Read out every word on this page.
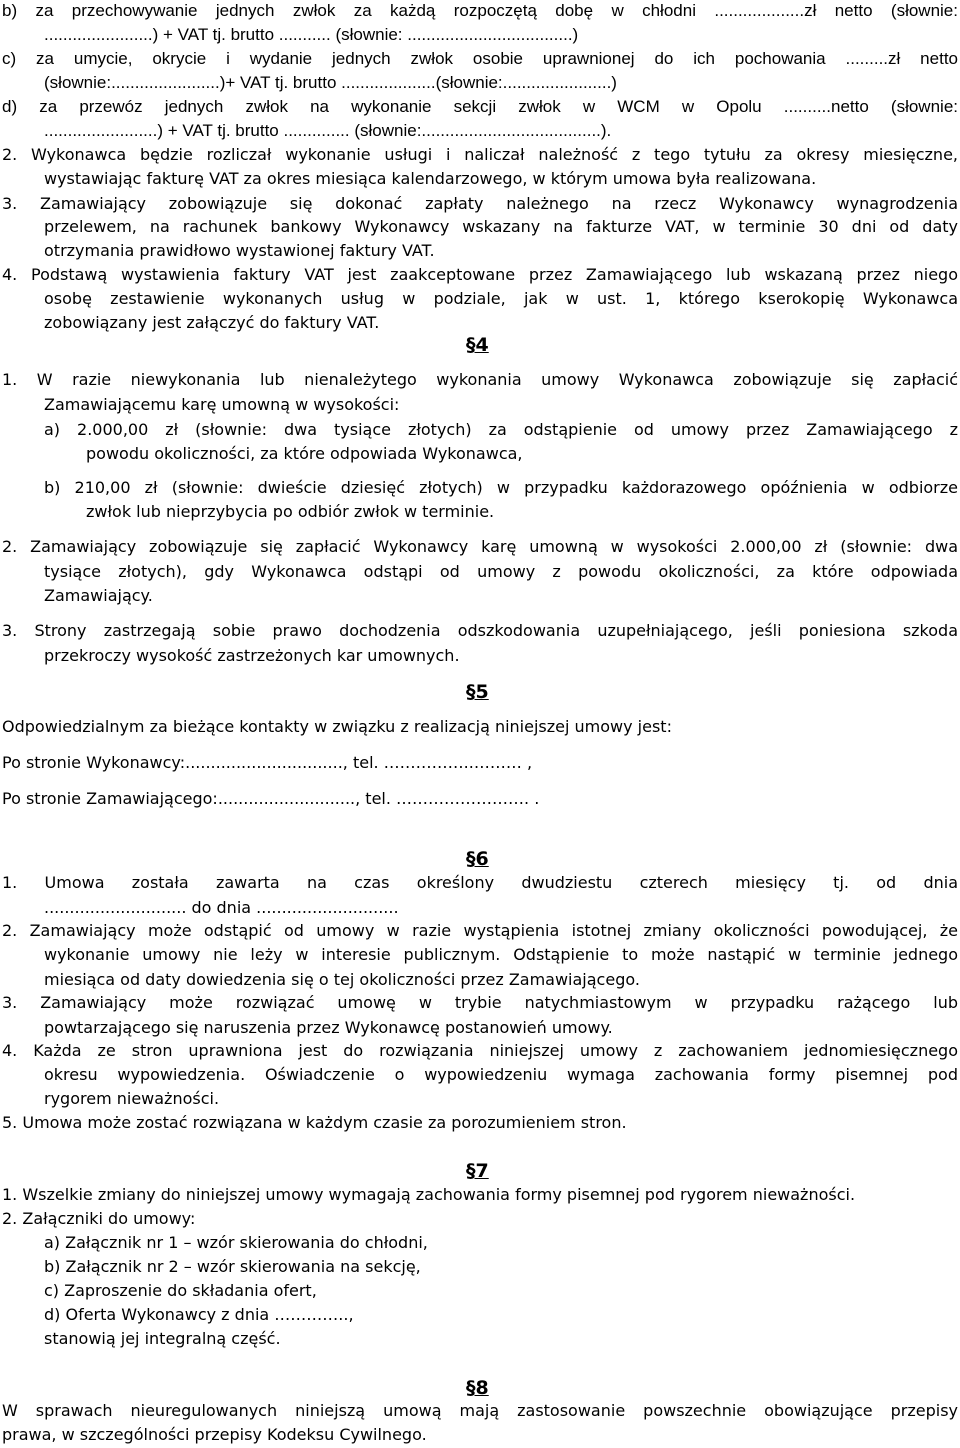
b) za przechowywanie jednych zwłok za każdą rozpoczętą dobę w chłodni ...................zł netto (słownie:
.......................) + VAT tj. brutto ........... (słownie: ...................................)
c) za umycie, okrycie i wydanie jednych zwłok osobie uprawnionej do ich pochowania .........zł netto
(słownie:.......................)+ VAT tj. brutto ....................(słownie:.......................)
d) za przewóz jednych zwłok na wykonanie sekcji zwłok w WCM w Opolu ..........netto (słownie:
........................) + VAT tj. brutto .............. (słownie:......................................).
2. Wykonawca będzie rozliczał wykonanie usługi i naliczał należność z tego tytułu za okresy miesięczne,
wystawiając fakturę VAT za okres miesiąca kalendarzowego, w którym umowa była realizowana.
3. Zamawiający zobowiązuje się dokonać zapłaty należnego na rzecz Wykonawcy wynagrodzenia
przelewem, na rachunek bankowy Wykonawcy wskazany na fakturze VAT, w terminie 30 dni od daty
otrzymania prawidłowo wystawionej faktury VAT.
4. Podstawą wystawienia faktury VAT jest zaakceptowane przez Zamawiającego lub wskazaną przez niego
osobę zestawienie wykonanych usług w podziale, jak w ust. 1, którego kserokopię Wykonawca
zobowiązany jest załączyć do faktury VAT.
§4
1. W razie niewykonania lub nienależytego wykonania umowy Wykonawca zobowiązuje się zapłacić
Zamawiającemu karę umowną w wysokości:
a) 2.000,00 zł (słownie: dwa tysiące złotych) za odstąpienie od umowy przez Zamawiającego z
powodu okoliczności, za które odpowiada Wykonawca,
b) 210,00 zł (słownie: dwieście dziesięć złotych) w przypadku każdorazowego opóźnienia w odbiorze
zwłok lub nieprzybycia po odbiór zwłok w terminie.
2. Zamawiający zobowiązuje się zapłacić Wykonawcy karę umowną w wysokości 2.000,00 zł (słownie: dwa
tysiące złotych), gdy Wykonawca odstąpi od umowy z powodu okoliczności, za które odpowiada
Zamawiający.
3. Strony zastrzegają sobie prawo dochodzenia odszkodowania uzupełniającego, jeśli poniesiona szkoda
przekroczy wysokość zastrzeżonych kar umownych.
§5
Odpowiedzialnym za bieżące kontakty w związku z realizacją niniejszej umowy jest:
Po stronie Wykonawcy:..............................., tel. ……………..……… ,
Po stronie Zamawiającego:..........................., tel. ……………………. .
§6
1. Umowa została zawarta na czas określony dwudziestu czterech miesięcy tj. od dnia
............................ do dnia ............................
2. Zamawiający może odstąpić od umowy w razie wystąpienia istotnej zmiany okoliczności powodującej, że
wykonanie umowy nie leży w interesie publicznym. Odstąpienie to może nastąpić w terminie jednego
miesiąca od daty dowiedzenia się o tej okoliczności przez Zamawiającego.
3. Zamawiający może rozwiązać umowę w trybie natychmiastowym w przypadku rażącego lub
powtarzającego się naruszenia przez Wykonawcę postanowień umowy.
4. Każda ze stron uprawniona jest do rozwiązania niniejszej umowy z zachowaniem jednomiesięcznego
okresu wypowiedzenia. Oświadczenie o wypowiedzeniu wymaga zachowania formy pisemnej pod
rygorem nieważności.
5. Umowa może zostać rozwiązana w każdym czasie za porozumieniem stron.
§7
1. Wszelkie zmiany do niniejszej umowy wymagają zachowania formy pisemnej pod rygorem nieważności.
2. Załączniki do umowy:
a) Załącznik nr 1 – wzór skierowania do chłodni,
b) Załącznik nr 2 – wzór skierowania na sekcję,
c) Zaproszenie do składania ofert,
d) Oferta Wykonawcy z dnia …………..,
stanowią jej integralną część.
§8
W sprawach nieuregulowanych niniejszą umową mają zastosowanie powszechnie obowiązujące przepisy
prawa, w szczególności przepisy Kodeksu Cywilnego.
